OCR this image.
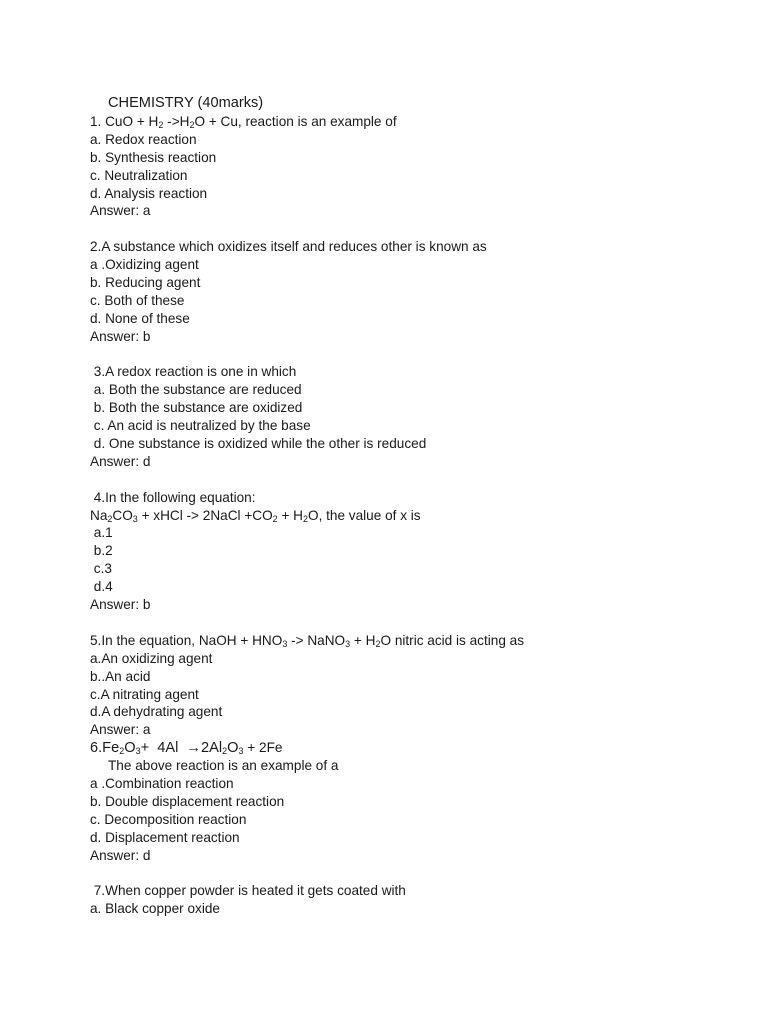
CHEMISTRY (40marks)
1. CuO + $H_2$ $->H_2O + Cu$, reaction is an example of
a. Redox reaction
b. Synthesis reaction
c. Neutralization
d. Analysis reaction
Answer: a
2.A substance which oxidizes itself and reduces other is known as
a .Oxidizing agent
b. Reducing agent
c. Both of these
d. None of these
Answer: b
3.A redox reaction is one in which
a. Both the substance are reduced
b. Both the substance are oxidized
c. An acid is neutralized by the base
d. One substance is oxidized while the other is reduced
Answer: d
4.In the following equation:
$Na_2CO_3$ + xHCl -> 2NaCl $+CO_2 + H_2O$, the value of x is
a.1
b.2
c.3
d.4
Answer: b
5.In the equation, NaOH + $HNO_3$ -> NaNO$_3$ + $H_2O$ nitric acid is acting as
a.An oxidizing agent
b..An acid
c.A nitrating agent
d.A dehydrating agent
Answer: a
$6.Fe_2O_3+ 4Al \to 2Al_2O_3 + 2Fe$
The above reaction is an example of a
a .Combination reaction
b. Double displacement reaction
c. Decomposition reaction
d. Displacement reaction
Answer: d
7.When copper powder is heated it gets coated with
a. Black copper oxide
